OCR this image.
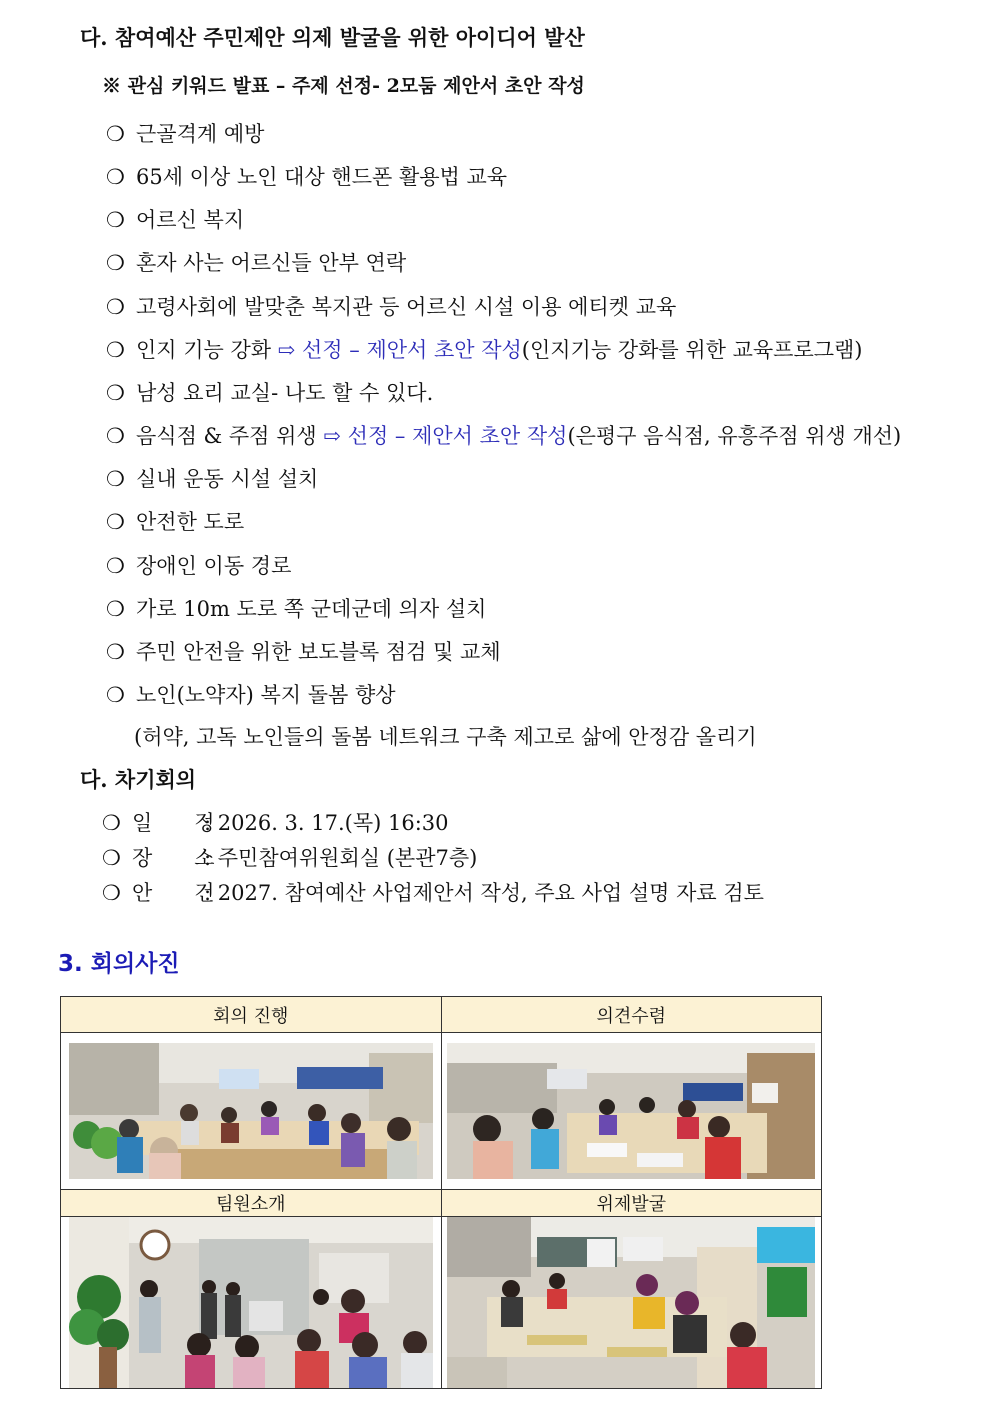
다. 참여예산 주민제안 의제 발굴을 위한 아이디어 발산
※ 관심 키워드 발표 – 주제 선정- 2모둠 제안서 초안 작성
❍ 근골격계 예방
❍ 65세 이상 노인 대상 핸드폰 활용법 교육
❍ 어르신 복지
❍ 혼자 사는 어르신들 안부 연락
❍ 고령사회에 발맞춘 복지관 등 어르신 시설 이용 에티켓 교육
❍ 인지 기능 강화 ⇨ 선정 – 제안서 초안 작성(인지기능 강화를 위한 교육프로그램)
❍ 남성 요리 교실- 나도 할 수 있다.
❍ 음식점 & 주점 위생 ⇨ 선정 – 제안서 초안 작성(은평구 음식점, 유흥주점 위생 개선)
❍ 실내 운동 시설 설치
❍ 안전한 도로
❍ 장애인 이동 경로
❍ 가로 10m 도로 쪽 군데군데 의자 설치
❍ 주민 안전을 위한 보도블록 점검 및 교체
❍ 노인(노약자) 복지 돌봄 향상
(허약, 고독 노인들의 돌봄 네트워크 구축 제고로 삶에 안정감 올리기
다. 차기회의
❍ 일　　정: 2026. 3. 17.(목) 16:30
❍ 장　　소: 주민참여위원회실 (본관7층)
❍ 안　　건: 2027. 참여예산 사업제안서 작성, 주요 사업 설명 자료 검토
3. 회의사진
회의 진행	의견수렴

팀원소개	위제발굴
